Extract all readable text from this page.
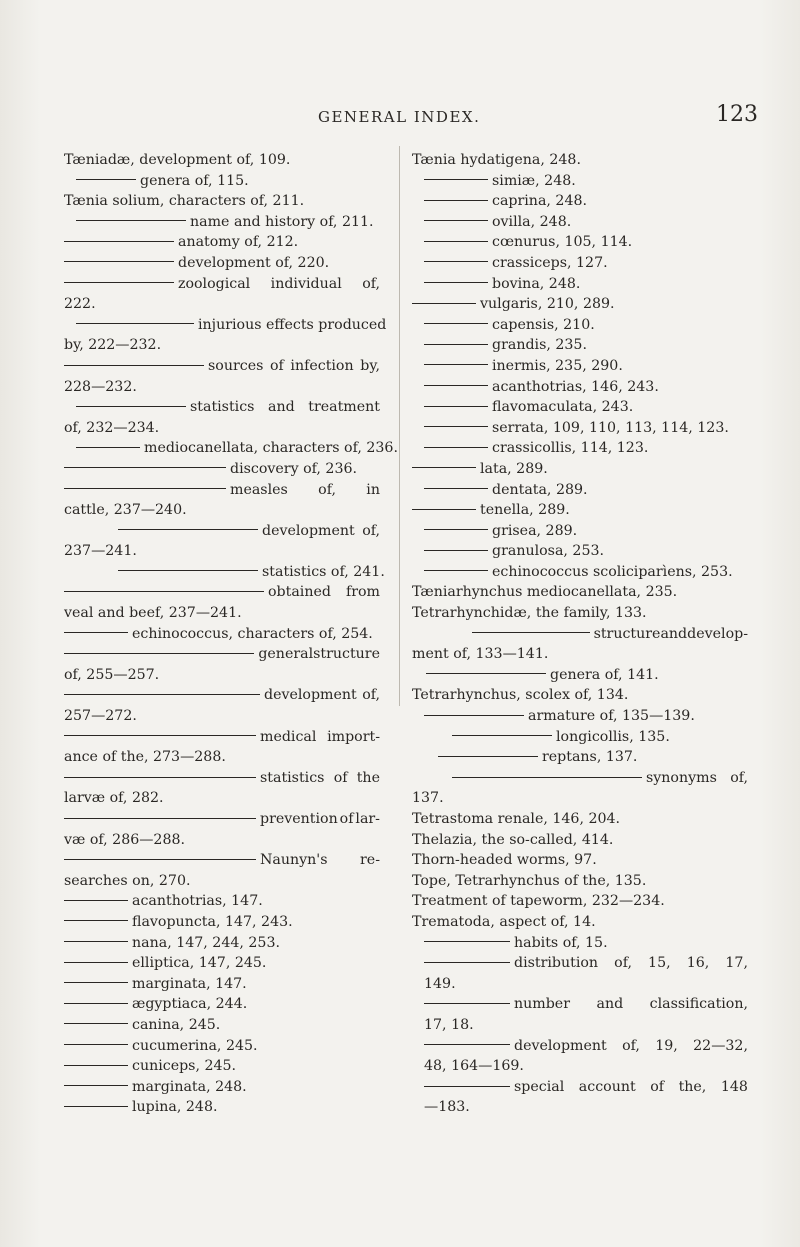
GENERAL INDEX.	123
Tæniadæ, development of, 109.
genera of, 115.
Tænia solium, characters of, 211.
name and history of, 211.
anatomy of, 212.
development of, 220.
zoological individual of,
222.
injurious effects produced
by, 222—232.
sources of infection by,
228—232.
statistics and treatment
of, 232—234.
mediocanellata, characters of, 236.
discovery of, 236.
measles of, in
cattle, 237—240.
development of,
237—241.
statistics of, 241.
obtained from
veal and beef, 237—241.
echinococcus, characters of, 254.
general structure
of, 255—257.
development of,
257—272.
medical import-
ance of the, 273—288.
statistics of the
larvæ of, 282.
prevention of lar-
væ of, 286—288.
Naunyn's re-
searches on, 270.
acanthotrias, 147.
flavopuncta, 147, 243.
nana, 147, 244, 253.
elliptica, 147, 245.
marginata, 147.
ægyptiaca, 244.
canina, 245.
cucumerina, 245.
cuniceps, 245.
marginata, 248.
lupina, 248.
Tænia hydatigena, 248.
simiæ, 248.
caprina, 248.
ovilla, 248.
cœnurus, 105, 114.
crassiceps, 127.
bovina, 248.
vulgaris, 210, 289.
capensis, 210.
grandis, 235.
inermis, 235, 290.
acanthotrias, 146, 243.
flavomaculata, 243.
serrata, 109, 110, 113, 114, 123.
crassicollis, 114, 123.
lata, 289.
dentata, 289.
tenella, 289.
grisea, 289.
granulosa, 253.
echinococcus scoliciparìens, 253.
Tæniarhynchus mediocanellata, 235.
Tetrarhynchidæ, the family, 133.
structure and develop-
ment of, 133—141.
genera of, 141.
Tetrarhynchus, scolex of, 134.
armature of, 135—139.
longicollis, 135.
reptans, 137.
synonyms of,
137.
Tetrastoma renale, 146, 204.
Thelazia, the so-called, 414.
Thorn-headed worms, 97.
Tope, Tetrarhynchus of the, 135.
Treatment of tapeworm, 232—234.
Trematoda, aspect of, 14.
habits of, 15.
distribution of, 15, 16, 17,
149.
number and classification,
17, 18.
development of, 19, 22—32,
48, 164—169.
special account of the, 148
—183.
